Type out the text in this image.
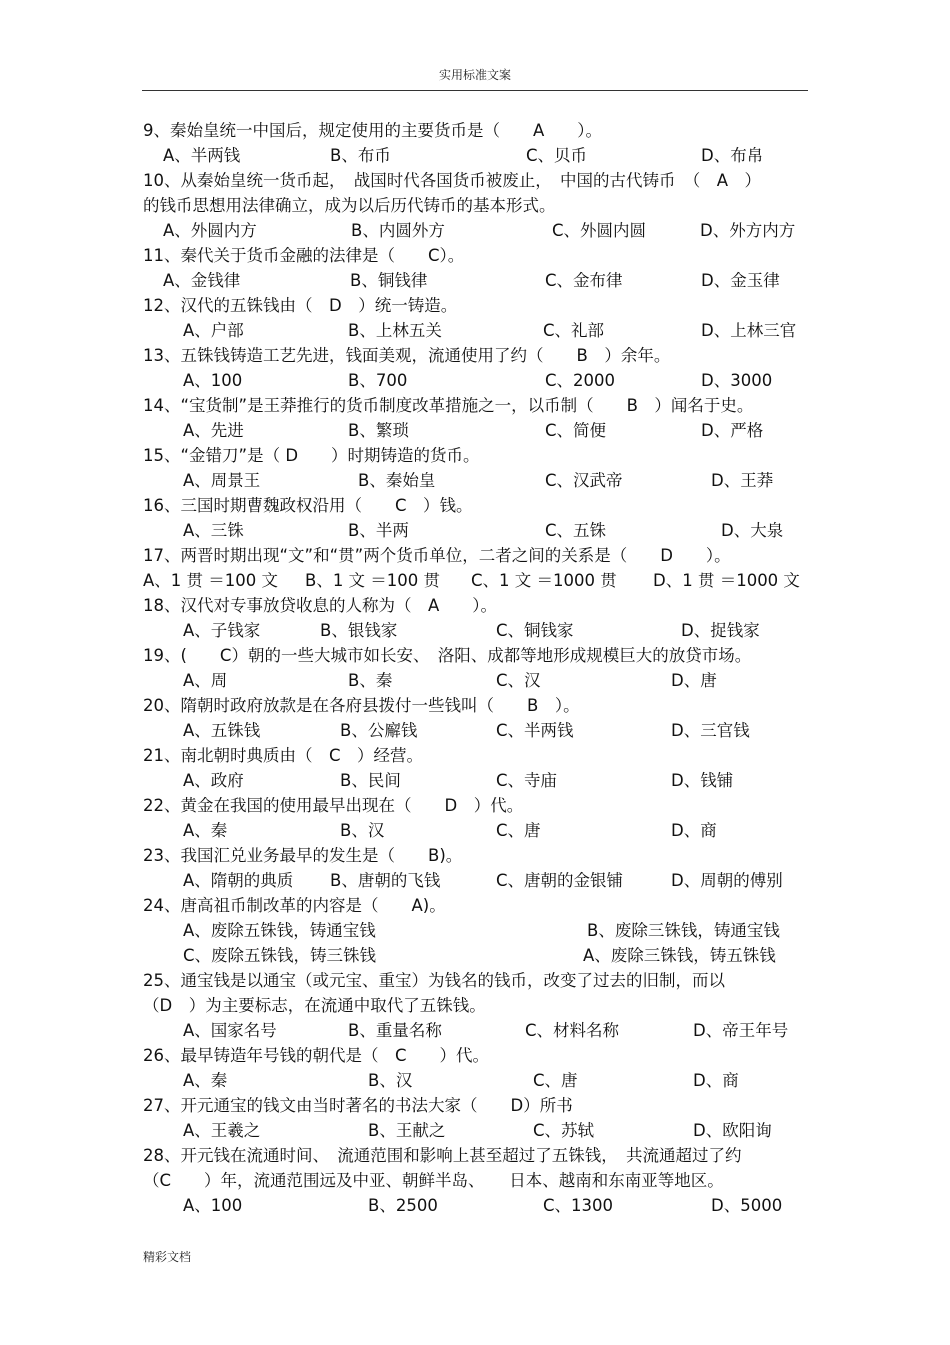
实用标准文案
9、秦始皇统一中国后，规定使用的主要货币是（　　A　　）。
A、半两钱	B、布币	C、贝币	D、布帛
10、从秦始皇统一货币起，　战国时代各国货币被废止，　中国的古代铸币　（　A　）
的钱币思想用法律确立，成为以后历代铸币的基本形式。
A、外圆内方	B、内圆外方	C、外圆内圆	D、外方内方
11、秦代关于货币金融的法律是（　　C）。
A、金钱律	B、铜钱律	C、金布律	D、金玉律
12、汉代的五铢钱由（　D　）统一铸造。
A、户部	B、上林五关	C、礼部	D、上林三官
13、五铢钱铸造工艺先进，钱面美观，流通使用了约（　　B　）余年。
A、100	B、700	C、2000	D、3000
14、“宝货制”是王莽推行的货币制度改革措施之一，以币制（　　B　）闻名于史。
A、先进	B、繁琐	C、简便	D、严格
15、“金错刀”是（ D　　）时期铸造的货币。
A、周景王	B、秦始皇	C、汉武帝	D、王莽
16、三国时期曹魏政权沿用（　　C　）钱。
A、三铢	B、半两	C、五铢	D、大泉
17、两晋时期出现“文”和“贯”两个货币单位，二者之间的关系是（　　D　　）。
A、1 贯 ＝100 文 B、1 文 ＝100 贯 C、1 文 ＝1000 贯 D、1 贯 ＝1000 文
18、汉代对专事放贷收息的人称为（　A　　）。
A、子钱家	B、银钱家	C、铜钱家	D、捉钱家
19、(　　C）朝的一些大城市如长安、　洛阳、成都等地形成规模巨大的放贷市场。
A、周	B、秦	C、汉	D、唐
20、隋朝时政府放款是在各府县拨付一些钱叫（　　B　）。
A、五铢钱	B、公廨钱	C、半两钱	D、三官钱
21、南北朝时典质由（　C　）经营。
A、政府	B、民间	C、寺庙	D、钱铺
22、黄金在我国的使用最早出现在（　　D　）代。
A、秦	B、汉	C、唐	D、商
23、我国汇兑业务最早的发生是（　　B)。
A、隋朝的典质 B、唐朝的飞钱	C、唐朝的金银铺	D、周朝的傅别
24、唐高祖币制改革的内容是（　　A)。
A、废除五铢钱，铸通宝钱	B、废除三铢钱，铸通宝钱
C、废除五铢钱，铸三铢钱	A、废除三铢钱，铸五铢钱
25、通宝钱是以通宝（或元宝、重宝）为钱名的钱币，改变了过去的旧制，而以
（D　）为主要标志，在流通中取代了五铢钱。
A、国家名号	B、重量名称	C、材料名称	D、帝王年号
26、最早铸造年号钱的朝代是（　C　　）代。
A、秦	B、汉	C、唐	D、商
27、开元通宝的钱文由当时著名的书法大家（　　D）所书
A、王羲之	B、王献之	C、苏轼	D、欧阳询
28、开元钱在流通时间、　流通范围和影响上甚至超过了五铢钱，　共流通超过了约
（C　　）年，流通范围远及中亚、朝鲜半岛、　　日本、越南和东南亚等地区。
A、100	B、2500	C、1300	D、5000
精彩文档
